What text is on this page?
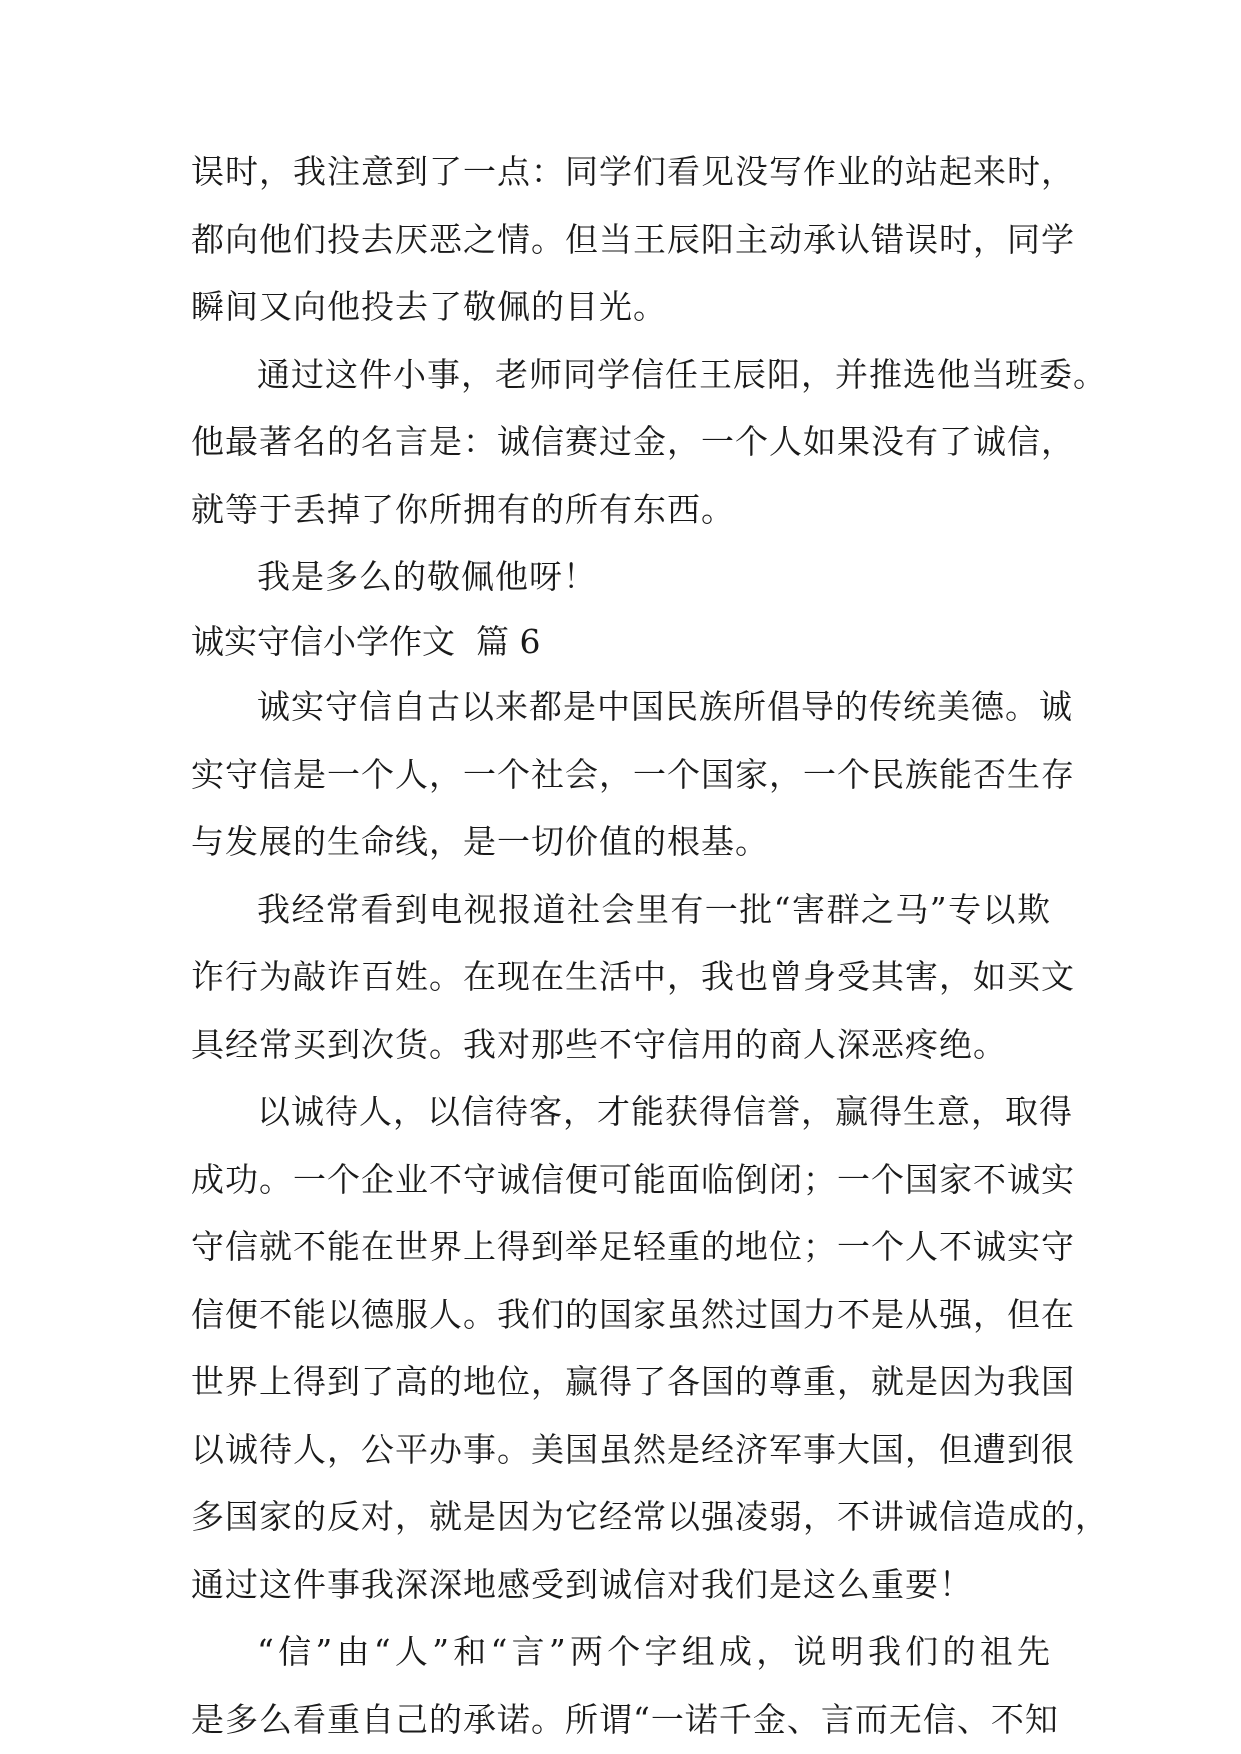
误时，我注意到了一点：同学们看见没写作业的站起来时，
都向他们投去厌恶之情。但当王辰阳主动承认错误时，同学
瞬间又向他投去了敬佩的目光。
通过这件小事，老师同学信任王辰阳，并推选他当班委。
他最著名的名言是：诚信赛过金，一个人如果没有了诚信，
就等于丢掉了你所拥有的所有东西。
我是多么的敬佩他呀！
诚实守信小学作文  篇 6
诚实守信自古以来都是中国民族所倡导的传统美德。诚
实守信是一个人，一个社会，一个国家，一个民族能否生存
与发展的生命线，是一切价值的根基。
我经常看到电视报道社会里有一批“害群之马”专以欺
诈行为敲诈百姓。在现在生活中，我也曾身受其害，如买文
具经常买到次货。我对那些不守信用的商人深恶疼绝。
以诚待人，以信待客，才能获得信誉，赢得生意，取得
成功。一个企业不守诚信便可能面临倒闭；一个国家不诚实
守信就不能在世界上得到举足轻重的地位；一个人不诚实守
信便不能以德服人。我们的国家虽然过国力不是从强，但在
世界上得到了高的地位，赢得了各国的尊重，就是因为我国
以诚待人，公平办事。美国虽然是经济军事大国，但遭到很
多国家的反对，就是因为它经常以强凌弱，不讲诚信造成的，
通过这件事我深深地感受到诚信对我们是这么重要！
“信”由“人”和“言”两个字组成，说明我们的祖先
是多么看重自己的承诺。所谓“一诺千金、言而无信、不知
